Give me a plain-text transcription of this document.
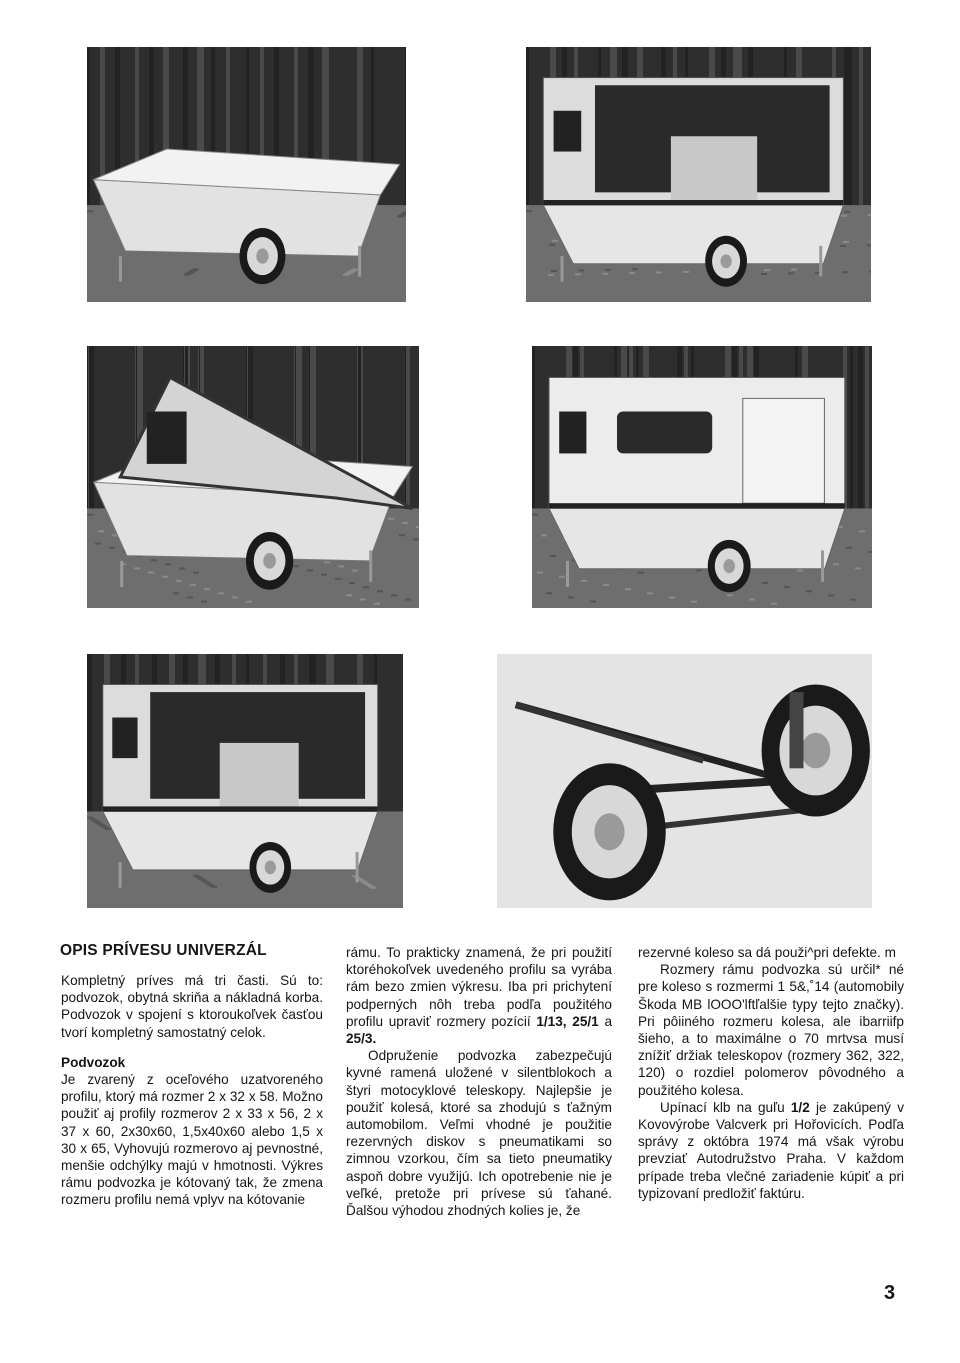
OPIS PRÍVESU UNIVERZÁL

Kompletný príves má tri časti. Sú to: podvozok, obytná skriňa a nákladná korba. Podvozok v spojení s ktoroukoľvek časťou tvorí kompletný samostatný celok.

Podvozok
Je zvarený z oceľového uzatvoreného profilu, ktorý má rozmer 2 x 32 x 58. Možno použiť aj profily rozmerov 2 x 33 x 56, 2 x 37 x 60, 2x30x60, 1,5x40x60 alebo 1,5 x 30 x 65, Vyhovujú rozmerovo aj pevnostné, menšie odchýlky majú v hmotnosti. Výkres rámu podvozka je kótovaný tak, že zmena rozmeru profilu nemá vplyv na kótovanie

rámu. To prakticky znamená, že pri použití ktoréhokoľvek uvedeného profilu sa vyrába rám bezo zmien výkresu. Iba pri prichytení podperných nôh treba podľa použitého profilu upraviť rozmery pozícií 1/13, 25/1 a 25/3.

Odpruženie podvozka zabezpečujú kyvné ramená uložené v silentblokoch a štyri motocyklové teleskopy. Najlepšie je použiť kolesá, ktoré sa zhodujú s ťažným automobilom. Veľmi vhodné je použitie rezervných diskov s pneumatikami so zimnou vzorkou, čím sa tieto pneumatiky aspoň dobre využijú. Ich opotrebenie nie je veľké, pretože pri prívese sú ťahané. Ďalšou výhodou zhodných kolies je, že

rezervné koleso sa dá použi^pri defekte. m

Rozmery rámu podvozka sú určil* né pre koleso s rozmermi 1 5&,˚14 (automobily Škoda MB lOOO'lftľalšie typy tejto značky). Pri pôiiného rozmeru kolesa, ale ibarriifp šieho, a to maximálne o 70 mrtvsa musí znížiť držiak teleskopov (rozmery 362, 322, 120) o rozdiel polomerov pôvodného a použitého kolesa.

Upínací klb na guľu 1/2 je zakúpený v Kovovýrobe Valcverk pri Hořovicích. Podľa správy z októbra 1974 má však výrobu prevziať Autodružstvo Praha. V každom prípade treba vlečné zariadenie kúpiť a pri typizovaní predložiť faktúru.

3
